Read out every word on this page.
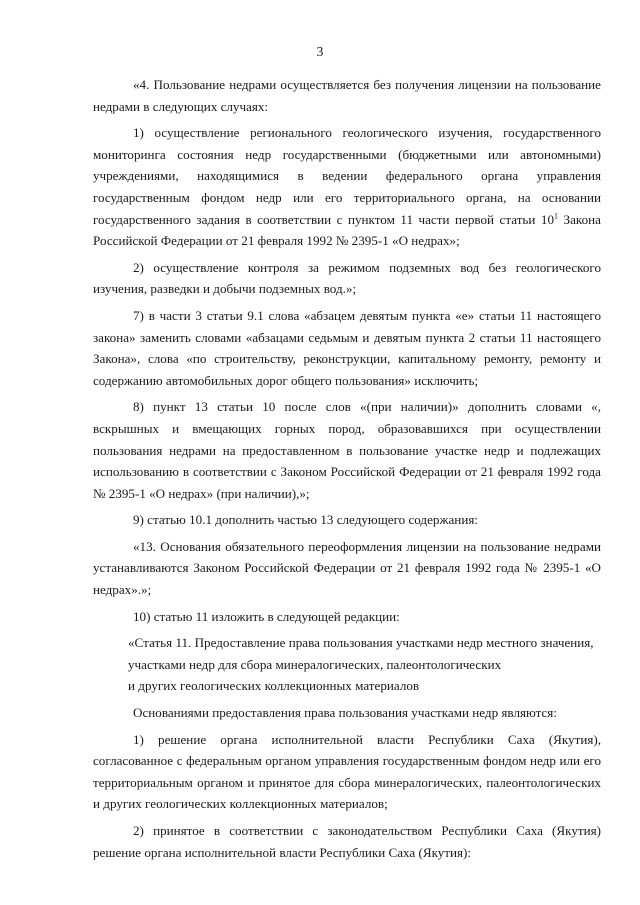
3

«4. Пользование недрами осуществляется без получения лицензии на пользование недрами в следующих случаях:

1) осуществление регионального геологического изучения, государственного мониторинга состояния недр государственными (бюджетными или автономными) учреждениями, находящимися в ведении федерального органа управления государственным фондом недр или его территориального органа, на основании государственного задания в соответствии с пунктом 11 части первой статьи $10^1$ Закона Российской Федерации от 21 февраля 1992 № 2395-1 «О недрах»;

2) осуществление контроля за режимом подземных вод без геологического изучения, разведки и добычи подземных вод.»;

7) в части 3 статьи 9.1 слова «абзацем девятым пункта «е» статьи 11 настоящего закона» заменить словами «абзацами седьмым и девятым пункта 2 статьи 11 настоящего Закона», слова «по строительству, реконструкции, капитальному ремонту, ремонту и содержанию автомобильных дорог общего пользования» исключить;

8) пункт 13 статьи 10 после слов «(при наличии)» дополнить словами «, вскрышных и вмещающих горных пород, образовавшихся при осуществлении пользования недрами на предоставленном в пользование участке недр и подлежащих использованию в соответствии с Законом Российской Федерации от 21 февраля 1992 года № 2395-1 «О недрах» (при наличии),»;

9) статью 10.1 дополнить частью 13 следующего содержания:

«13. Основания обязательного переоформления лицензии на пользование недрами устанавливаются Законом Российской Федерации от 21 февраля 1992 года № 2395-1 «О недрах».»;

10) статью 11 изложить в следующей редакции:

«Статья 11. Предоставление права пользования участками недр местного значения,
участками недр для сбора минералогических, палеонтологических
и других геологических коллекционных материалов

Основаниями предоставления права пользования участками недр являются:

1) решение органа исполнительной власти Республики Саха (Якутия), согласованное с федеральным органом управления государственным фондом недр или его территориальным органом и принятое для сбора минералогических, палеонтологических и других геологических коллекционных материалов;

2) принятое в соответствии с законодательством Республики Саха (Якутия) решение органа исполнительной власти Республики Саха (Якутия):
